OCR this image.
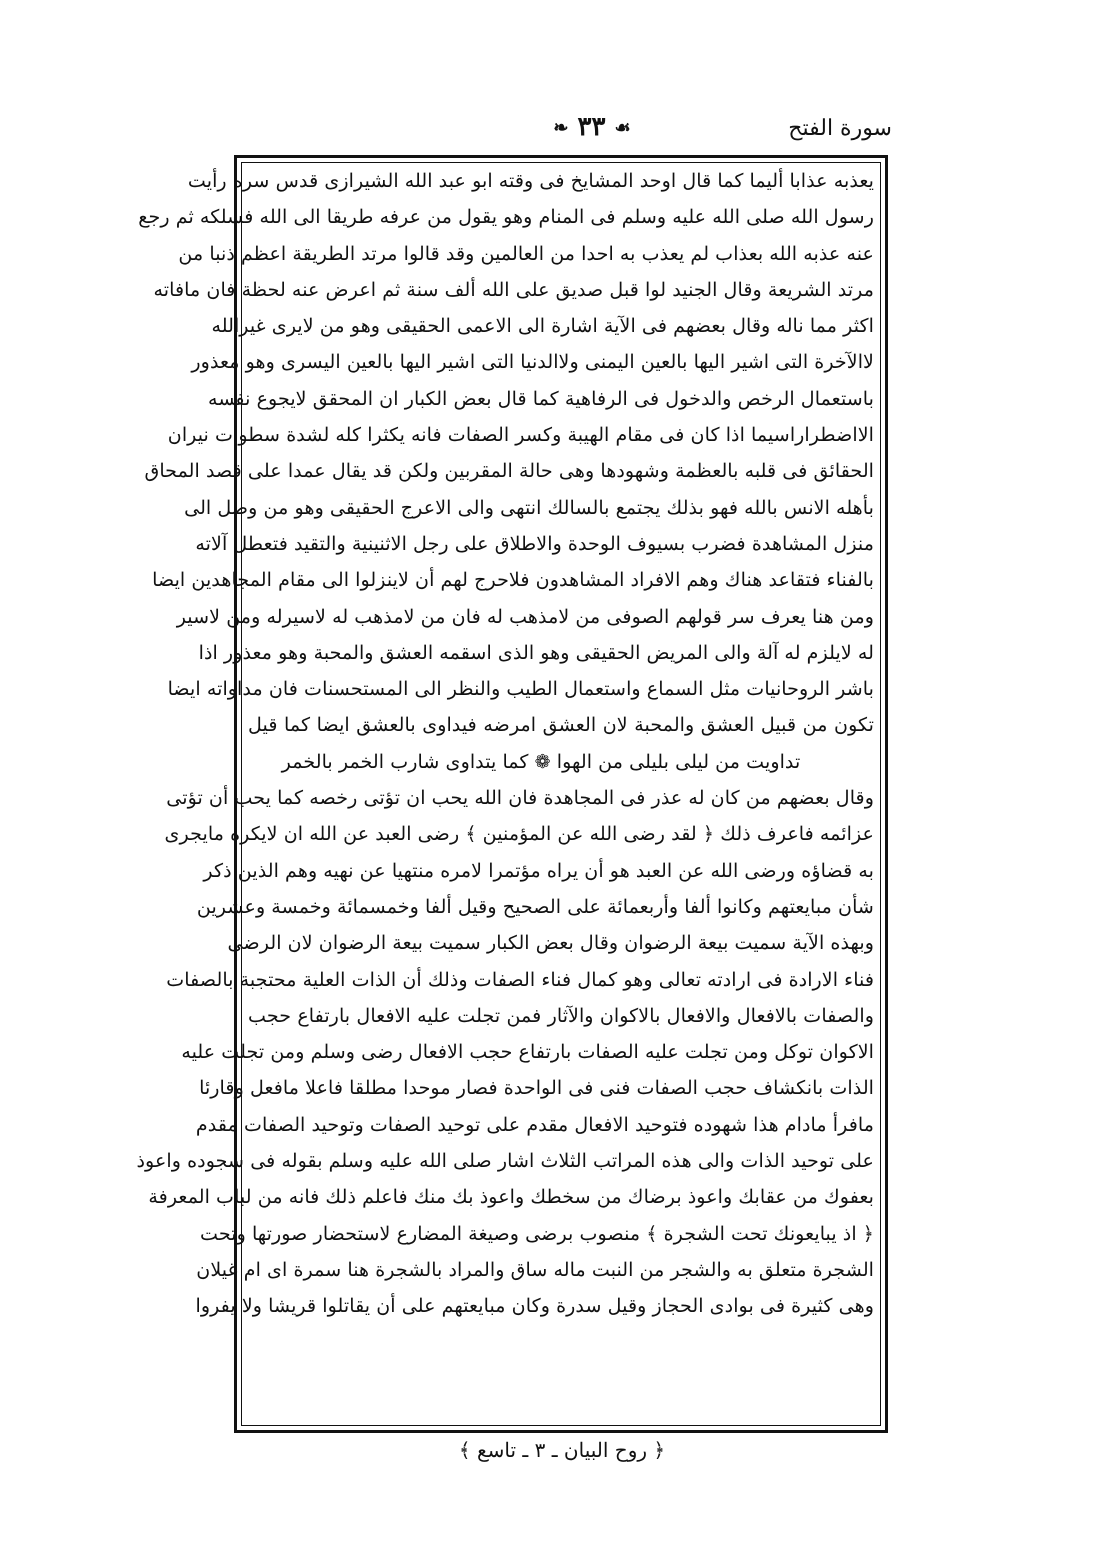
سورة الفتح
❧ ٣٣ ☙
يعذبه عذابا أليما كما قال اوحد المشايخ فى وقته ابو عبد الله الشيرازى قدس سره رأيت
رسول الله صلى الله عليه وسلم فى المنام وهو يقول من عرفه طريقا الى الله فسلكه ثم رجع
عنه عذبه الله بعذاب لم يعذب به احدا من العالمين وقد قالوا مرتد الطريقة اعظم ذنبا من
مرتد الشريعة وقال الجنيد لوا قبل صديق على الله ألف سنة ثم اعرض عنه لحظة فان مافاته
اكثر مما ناله وقال بعضهم فى الآية اشارة الى الاعمى الحقيقى وهو من لايرى غيرالله
لاالآخرة التى اشير اليها بالعين اليمنى ولاالدنيا التى اشير اليها بالعين اليسرى وهو معذور
باستعمال الرخص والدخول فى الرفاهية كما قال بعض الكبار ان المحقق لايجوع نفسه
الااضطراراسيما اذا كان فى مقام الهيبة وكسر الصفات فانه يكثرا كله لشدة سطوات نيران
الحقائق فى قلبه بالعظمة وشهودها وهى حالة المقربين ولكن قد يقال عمدا على قصد المحاق
بأهله الانس بالله فهو بذلك يجتمع بالسالك انتهى والى الاعرج الحقيقى وهو من وصل الى
منزل المشاهدة فضرب بسيوف الوحدة والاطلاق على رجل الاثنينية والتقيد فتعطل آلاته
بالفناء فتقاعد هناك وهم الافراد المشاهدون فلاحرج لهم أن لاينزلوا الى مقام المجاهدين ايضا
ومن هنا يعرف سر قولهم الصوفى من لامذهب له فان من لامذهب له لاسيرله ومن لاسير
له لايلزم له آلة والى المريض الحقيقى وهو الذى اسقمه العشق والمحبة وهو معذور اذا
باشر الروحانيات مثل السماع واستعمال الطيب والنظر الى المستحسنات فان مداواته ايضا
تكون من قبيل العشق والمحبة لان العشق امرضه فيداوى بالعشق ايضا كما قيل
تداويت من ليلى بليلى من الهوا ❁ كما يتداوى شارب الخمر بالخمر
وقال بعضهم من كان له عذر فى المجاهدة فان الله يحب ان تؤتى رخصه كما يحب أن تؤتى
عزائمه فاعرف ذلك ﴿ لقد رضى الله عن المؤمنين ﴾ رضى العبد عن الله ان لايكره مايجرى
به قضاؤه ورضى الله عن العبد هو أن يراه مؤتمرا لامره منتهيا عن نهيه وهم الذين ذكر
شأن مبايعتهم وكانوا ألفا وأربعمائة على الصحيح وقيل ألفا وخمسمائة وخمسة وعشرين
وبهذه الآية سميت بيعة الرضوان وقال بعض الكبار سميت بيعة الرضوان لان الرضى
فناء الارادة فى ارادته تعالى وهو كمال فناء الصفات وذلك أن الذات العلية محتجبة بالصفات
والصفات بالافعال والافعال بالاكوان والآثار فمن تجلت عليه الافعال بارتفاع حجب
الاكوان توكل ومن تجلت عليه الصفات بارتفاع حجب الافعال رضى وسلم ومن تجلت عليه
الذات بانكشاف حجب الصفات فنى فى الواحدة فصار موحدا مطلقا فاعلا مافعل وقارئا
مافرأ مادام هذا شهوده فتوحيد الافعال مقدم على توحيد الصفات وتوحيد الصفات مقدم
على توحيد الذات والى هذه المراتب الثلاث اشار صلى الله عليه وسلم بقوله فى سجوده واعوذ
بعفوك من عقابك واعوذ برضاك من سخطك واعوذ بك منك فاعلم ذلك فانه من لباب المعرفة
﴿ اذ يبايعونك تحت الشجرة ﴾ منصوب برضى وصيغة المضارع لاستحضار صورتها وتحت
الشجرة متعلق به والشجر من النبت ماله ساق والمراد بالشجرة هنا سمرة اى ام غيلان
وهى كثيرة فى بوادى الحجاز وقيل سدرة وكان مبايعتهم على أن يقاتلوا قريشا ولا يفروا
﴿ روح البيان ـ ٣ ـ تاسع ﴾
